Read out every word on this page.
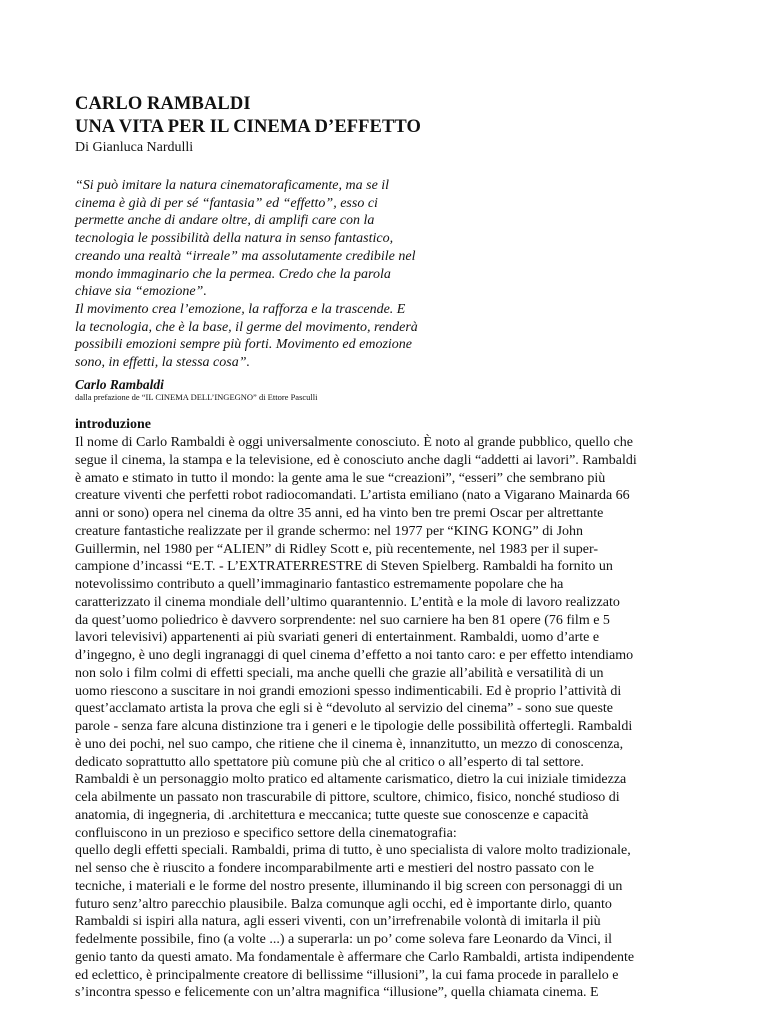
CARLO RAMBALDI
UNA VITA PER IL CINEMA D’EFFETTO
Di Gianluca Nardulli
“Si può imitare la natura cinematoraficamente, ma se il
cinema è già di per sé “fantasia” ed “effetto”, esso ci
permette anche di andare oltre, di amplifi care con la
tecnologia le possibilità della natura in senso fantastico,
creando una realtà “irreale” ma assolutamente credibile nel
mondo immaginario che la permea. Credo che la parola
chiave sia “emozione”.
Il movimento crea l’emozione, la rafforza e la trascende. E
la tecnologia, che è la base, il germe del movimento, renderà
possibili emozioni sempre più forti. Movimento ed emozione
sono, in effetti, la stessa cosa”.
Carlo Rambaldi
dalla prefazione de “IL CINEMA DELL’INGEGNO” di Ettore Pasculli
introduzione
Il nome di Carlo Rambaldi è oggi universalmente conosciuto. È noto al grande pubblico, quello che
segue il cinema, la stampa e la televisione, ed è conosciuto anche dagli “addetti ai lavori”. Rambaldi
è amato e stimato in tutto il mondo: la gente ama le sue “creazioni”, “esseri” che sembrano più
creature viventi che perfetti robot radiocomandati. L’artista emiliano (nato a Vigarano Mainarda 66
anni or sono) opera nel cinema da oltre 35 anni, ed ha vinto ben tre premi Oscar per altrettante
creature fantastiche realizzate per il grande schermo: nel 1977 per “KING KONG” di John
Guillermin, nel 1980 per “ALIEN” di Ridley Scott e, più recentemente, nel 1983 per il super-
campione d’incassi “E.T. - L’EXTRATERRESTRE di Steven Spielberg. Rambaldi ha fornito un
notevolissimo contributo a quell’immaginario fantastico estremamente popolare che ha
caratterizzato il cinema mondiale dell’ultimo quarantennio. L’entità e la mole di lavoro realizzato
da quest’uomo poliedrico è davvero sorprendente: nel suo carniere ha ben 81 opere (76 film e 5
lavori televisivi) appartenenti ai più svariati generi di entertainment. Rambaldi, uomo d’arte e
d’ingegno, è uno degli ingranaggi di quel cinema d’effetto a noi tanto caro: e per effetto intendiamo
non solo i film colmi di effetti speciali, ma anche quelli che grazie all’abilità e versatilità di un
uomo riescono a suscitare in noi grandi emozioni spesso indimenticabili. Ed è proprio l’attività di
quest’acclamato artista la prova che egli si è “devoluto al servizio del cinema” - sono sue queste
parole - senza fare alcuna distinzione tra i generi e le tipologie delle possibilità offertegli. Rambaldi
è uno dei pochi, nel suo campo, che ritiene che il cinema è, innanzitutto, un mezzo di conoscenza,
dedicato soprattutto allo spettatore più comune più che al critico o all’esperto di tal settore.
Rambaldi è un personaggio molto pratico ed altamente carismatico, dietro la cui iniziale timidezza
cela abilmente un passato non trascurabile di pittore, scultore, chimico, fisico, nonché studioso di
anatomia, di ingegneria, di .architettura e meccanica; tutte queste sue conoscenze e capacità
confluiscono in un prezioso e specifico settore della cinematografia:
quello degli effetti speciali. Rambaldi, prima di tutto, è uno specialista di valore molto tradizionale,
nel senso che è riuscito a fondere incomparabilmente arti e mestieri del nostro passato con le
tecniche, i materiali e le forme del nostro presente, illuminando il big screen con personaggi di un
futuro senz’altro parecchio plausibile. Balza comunque agli occhi, ed è importante dirlo, quanto
Rambaldi si ispiri alla natura, agli esseri viventi, con un’irrefrenabile volontà di imitarla il più
fedelmente possibile, fino (a volte ...) a superarla: un po’ come soleva fare Leonardo da Vinci, il
genio tanto da questi amato. Ma fondamentale è affermare che Carlo Rambaldi, artista indipendente
ed eclettico, è principalmente creatore di bellissime “illusioni”, la cui fama procede in parallelo e
s’incontra spesso e felicemente con un’altra magnifica “illusione”, quella chiamata cinema. E
